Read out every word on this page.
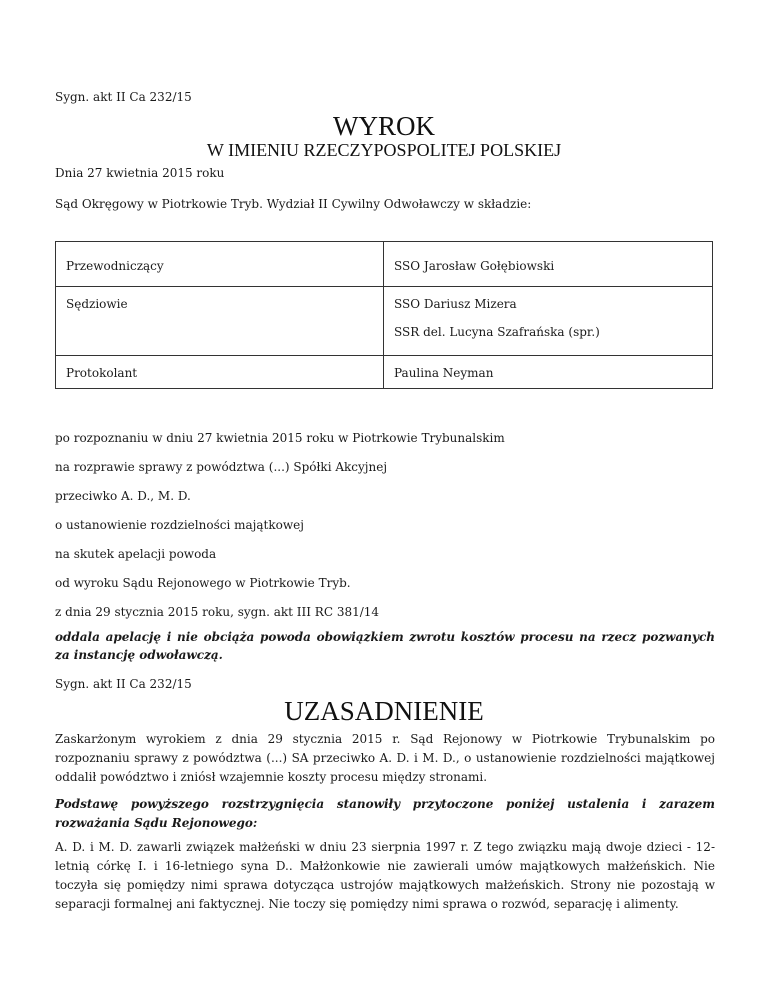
Sygn. akt II Ca 232/15
WYROK
W IMIENIU RZECZYPOSPOLITEJ POLSKIEJ
Dnia 27 kwietnia 2015 roku
Sąd Okręgowy w Piotrkowie Tryb. Wydział II Cywilny Odwoławczy w składzie:
Przewodniczący	SSO Jarosław Gołębiowski

Sędziowie	SSO Dariusz Mizera
SSR del. Lucyna Szafrańska (spr.)

Protokolant	Paulina Neyman
po rozpoznaniu w dniu 27 kwietnia 2015 roku w Piotrkowie Trybunalskim
na rozprawie sprawy z powództwa (...) Spółki Akcyjnej
przeciwko A. D., M. D.
o ustanowienie rozdzielności majątkowej
na skutek apelacji powoda
od wyroku Sądu Rejonowego w Piotrkowie Tryb.
z dnia 29 stycznia 2015 roku, sygn. akt III RC 381/14
oddala apelację i nie obciąża powoda obowiązkiem zwrotu kosztów procesu na rzecz pozwanych za instancję odwoławczą.
Sygn. akt II Ca 232/15
UZASADNIENIE
Zaskarżonym wyrokiem z dnia 29 stycznia 2015 r. Sąd Rejonowy w Piotrkowie Trybunalskim po rozpoznaniu sprawy z powództwa (...) SA przeciwko A. D. i M. D., o ustanowienie rozdzielności majątkowej oddalił powództwo i zniósł wzajemnie koszty procesu między stronami.
Podstawę powyższego rozstrzygnięcia stanowiły przytoczone poniżej ustalenia i zarazem rozważania Sądu Rejonowego:
A. D. i M. D. zawarli związek małżeński w dniu 23 sierpnia 1997 r. Z tego związku mają dwoje dzieci - 12-letnią córkę I. i 16-letniego syna D.. Małżonkowie nie zawierali umów majątkowych małżeńskich. Nie toczyła się pomiędzy nimi sprawa dotycząca ustrojów majątkowych małżeńskich. Strony nie pozostają w separacji formalnej ani faktycznej. Nie toczy się pomiędzy nimi sprawa o rozwód, separację i alimenty.
